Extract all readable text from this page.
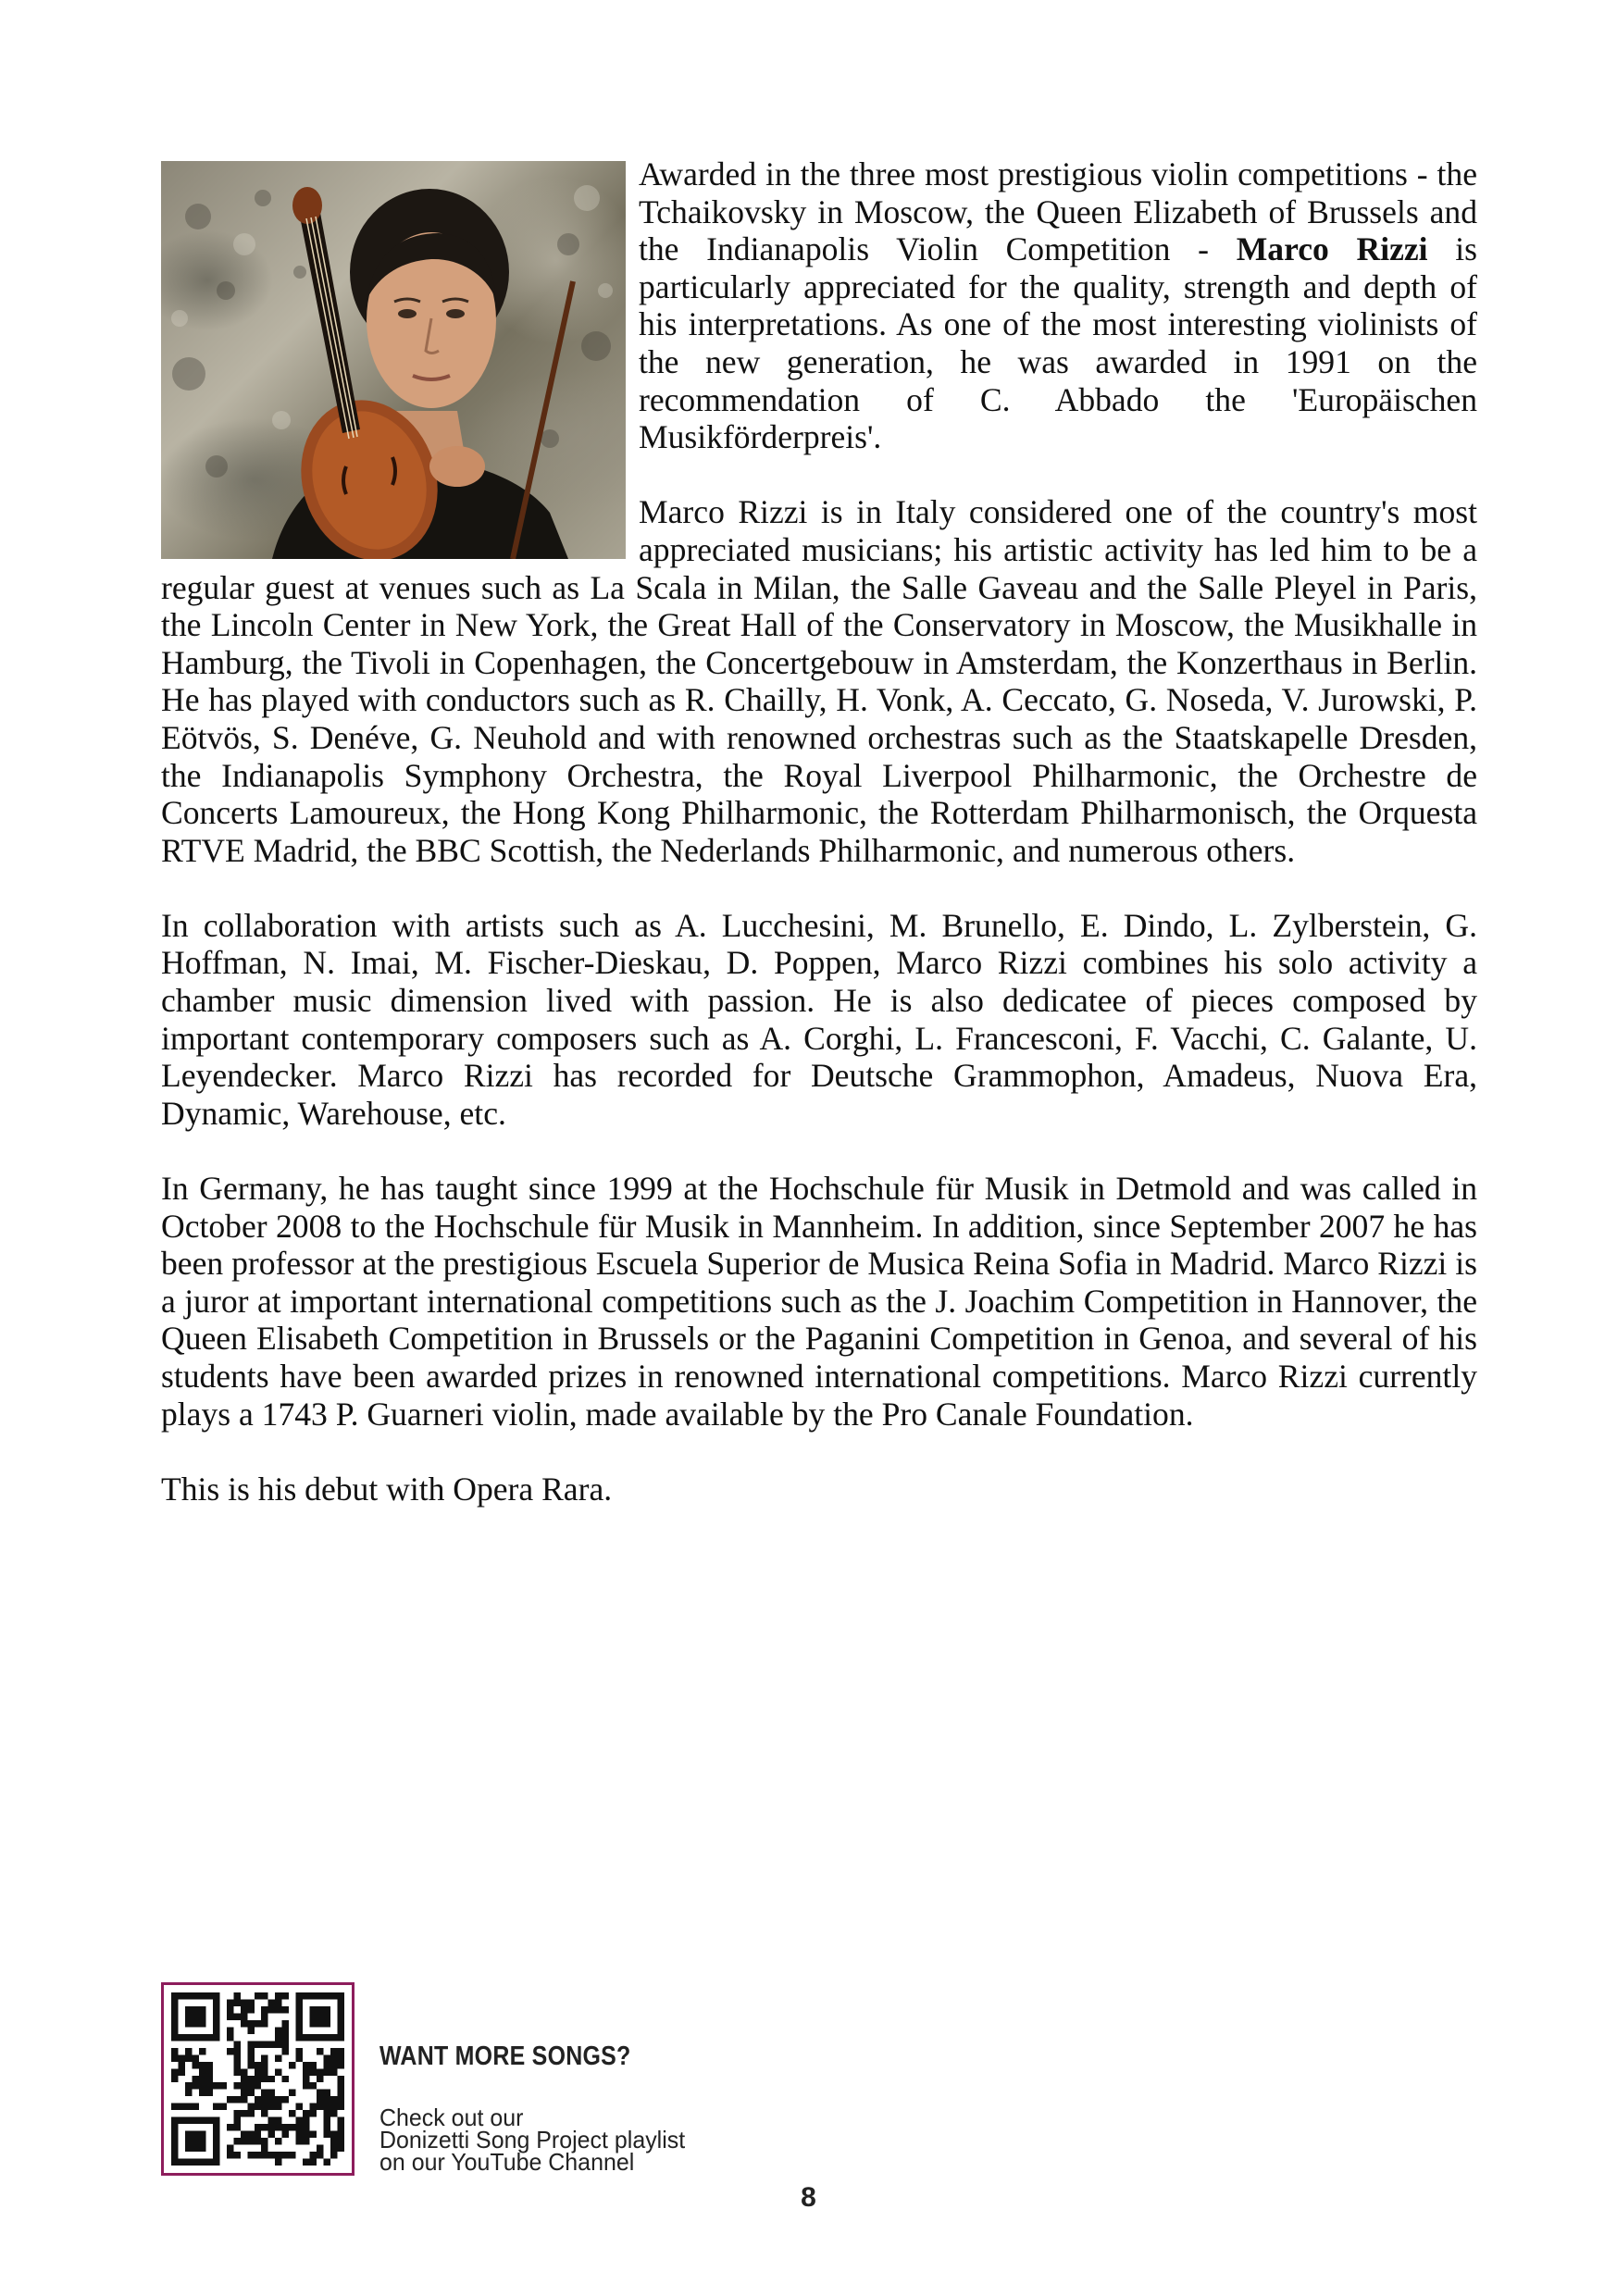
Awarded in the three most prestigious violin competitions - the Tchaikovsky in Moscow, the Queen Elizabeth of Brussels and the Indianapolis Violin Competition - Marco Rizzi is particularly appreciated for the quality, strength and depth of his interpretations. As one of the most interesting violinists of the new generation, he was awarded in 1991 on the recommendation of C. Abbado the 'Europäischen Musikförderpreis'.

Marco Rizzi is in Italy considered one of the country's most appreciated musicians; his artistic activity has led him to be a regular guest at venues such as La Scala in Milan, the Salle Gaveau and the Salle Pleyel in Paris, the Lincoln Center in New York, the Great Hall of the Conservatory in Moscow, the Musikhalle in Hamburg, the Tivoli in Copenhagen, the Concertgebouw in Amsterdam, the Konzerthaus in Berlin. He has played with conductors such as R. Chailly, H. Vonk, A. Ceccato, G. Noseda, V. Jurowski, P. Eötvös, S. Denéve, G. Neuhold and with renowned orchestras such as the Staatskapelle Dresden, the Indianapolis Symphony Orchestra, the Royal Liverpool Philharmonic, the Orchestre de Concerts Lamoureux, the Hong Kong Philharmonic, the Rotterdam Philharmonisch, the Orquesta RTVE Madrid, the BBC Scottish, the Nederlands Philharmonic, and numerous others.

In collaboration with artists such as A. Lucchesini, M. Brunello, E. Dindo, L. Zylberstein, G. Hoffman, N. Imai, M. Fischer-Dieskau, D. Poppen, Marco Rizzi combines his solo activity a chamber music dimension lived with passion. He is also dedicatee of pieces composed by important contemporary composers such as A. Corghi, L. Francesconi, F. Vacchi, C. Galante, U. Leyendecker. Marco Rizzi has recorded for Deutsche Grammophon, Amadeus, Nuova Era, Dynamic, Warehouse, etc.

In Germany, he has taught since 1999 at the Hochschule für Musik in Detmold and was called in October 2008 to the Hochschule für Musik in Mannheim. In addition, since September 2007 he has been professor at the prestigious Escuela Superior de Musica Reina Sofia in Madrid. Marco Rizzi is a juror at important international competitions such as the J. Joachim Competition in Hannover, the Queen Elisabeth Competition in Brussels or the Paganini Competition in Genoa, and several of his students have been awarded prizes in renowned international competitions. Marco Rizzi currently plays a 1743 P. Guarneri violin, made available by the Pro Canale Foundation.

This is his debut with Opera Rara.

WANT MORE SONGS?
Check out our
Donizetti Song Project playlist
on our YouTube Channel
8
